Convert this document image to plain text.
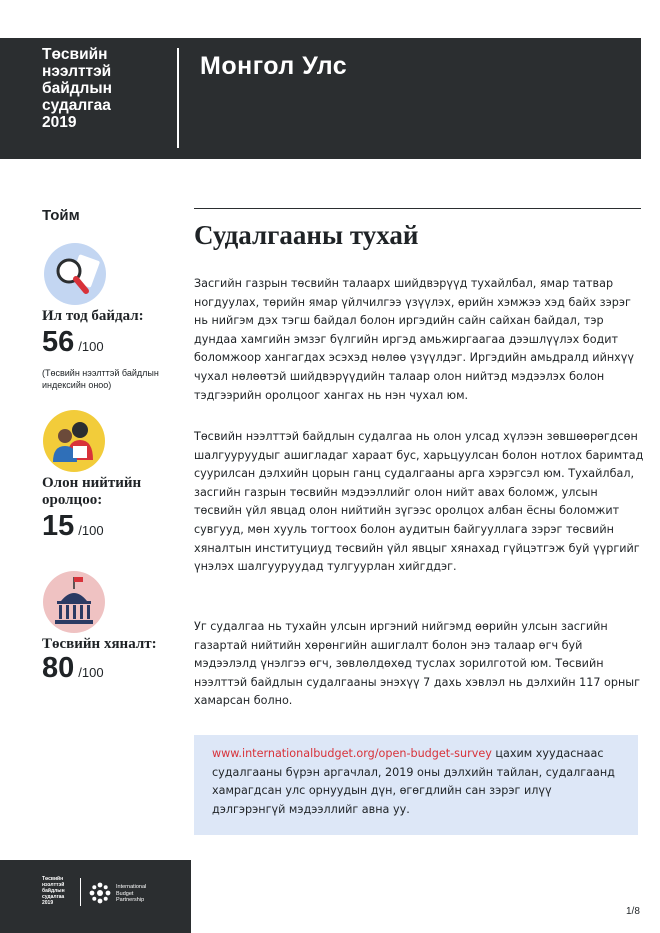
Төсвийн
нээлттэй
байдлын
судалгаа
2019
Монгол Улс
Тойм
Ил тод байдал:
56 /100
(Төсвийн нээлттэй байдлын индексийн оноо)
Олон нийтийн оролцоо:
15 /100
Төсвийн хяналт:
80 /100
Судалгааны тухай
Засгийн газрын төсвийн талаарх шийдвэрүүд тухайлбал, ямар татвар ногдуулах, төрийн ямар үйлчилгээ үзүүлэх, өрийн хэмжээ хэд байх зэрэг нь нийгэм дэх тэгш байдал болон иргэдийн сайн сайхан байдал, тэр дундаа хамгийн эмзэг бүлгийн иргэд амьжиргаагаа дээшлүүлэх бодит боломжоор хангагдах эсэхэд нөлөө үзүүлдэг. Иргэдийн амьдралд ийнхүү чухал нөлөөтэй шийдвэрүүдийн талаар олон нийтэд мэдээлэх болон тэдгээрийн оролцоог хангах нь нэн чухал юм.
Төсвийн нээлттэй байдлын судалгаа нь олон улсад хүлээн зөвшөөрөгдсөн шалгууруудыг ашигладаг хараат бус, харьцуулсан болон нотлох баримтад суурилсан дэлхийн цорын ганц судалгааны арга хэрэгсэл юм. Тухайлбал, засгийн газрын төсвийн мэдээллийг олон нийт авах боломж, улсын төсвийн үйл явцад олон нийтийн зүгээс оролцох албан ёсны боломжит сувгууд, мөн хууль тогтоох болон аудитын байгууллага зэрэг төсвийн хяналтын институциуд төсвийн үйл явцыг хянахад гүйцэтгэж буй үүргийг үнэлэх шалгууруудад тулгуурлан хийгддэг.
Уг судалгаа нь тухайн улсын иргэний нийгэмд өөрийн улсын засгийн газартай нийтийн хөрөнгийн ашиглалт болон энэ талаар өгч буй мэдээлэлд үнэлгээ өгч, зөвлөлдөхөд туслах зорилготой юм. Төсвийн нээлттэй байдлын судалгааны энэхүү 7 дахь хэвлэл нь дэлхийн 117 орныг хамарсан болно.
www.internationalbudget.org/open-budget-survey цахим хуудаснаас судалгааны бүрэн аргачлал, 2019 оны дэлхийн тайлан, судалгаанд хамрагдсан улс орнуудын дүн, өгөгдлийн сан зэрэг илүү дэлгэрэнгүй мэдээллийг авна уу.
Төсвийн
нээлттэй
байдлын
судалгаа
2019
International
Budget
Partnership
1/8
